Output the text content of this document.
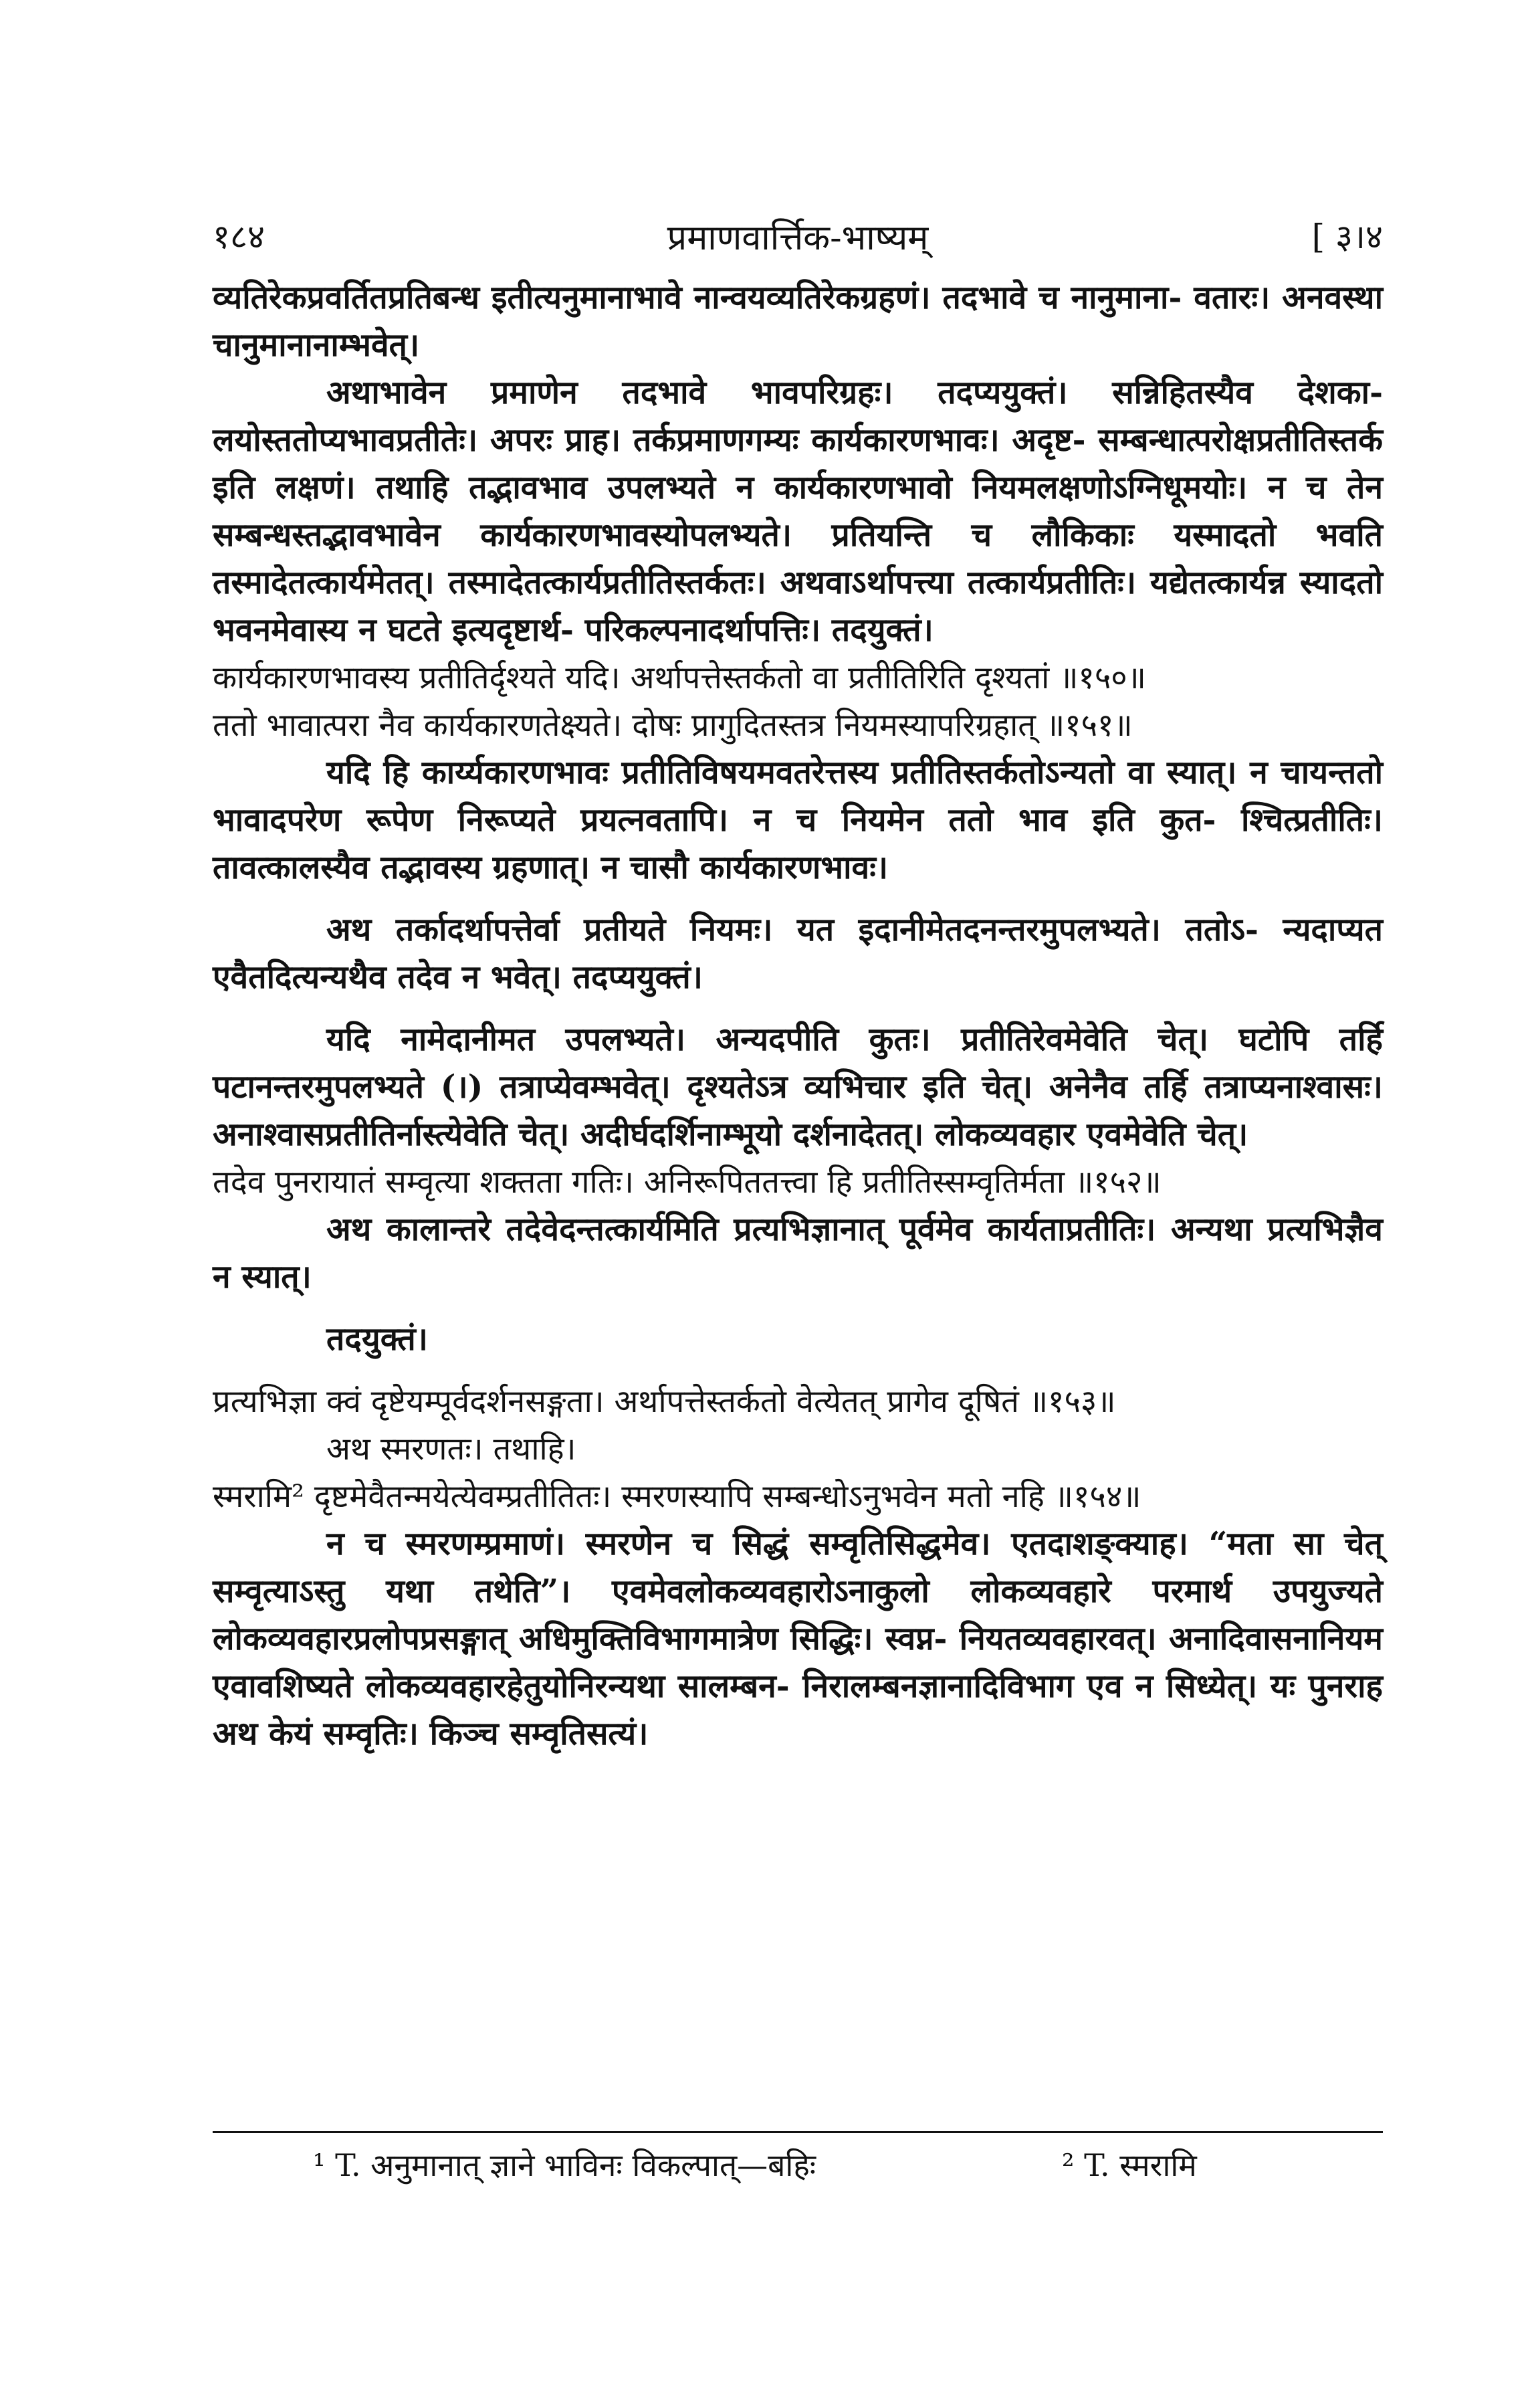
१८४	प्रमाणवार्त्तिक-भाष्यम्	[ ३।४

व्यतिरेकप्रवर्तितप्रतिबन्ध इतीत्यनुमानाभावे नान्वयव्यतिरेकग्रहणं। तदभावे च नानुमाना- वतारः। अनवस्था चानुमानानाम्भवेत्।

अथाभावेन प्रमाणेन तदभावे भावपरिग्रहः। तदप्ययुक्तं। सन्निहितस्यैव देशका- लयोस्ततोप्यभावप्रतीतेः। अपरः प्राह। तर्कप्रमाणगम्यः कार्यकारणभावः। अदृष्ट- सम्बन्धात्परोक्षप्रतीतिस्तर्क इति लक्षणं। तथाहि तद्भावभाव उपलभ्यते न कार्यकारणभावो नियमलक्षणोऽग्निधूमयोः। न च तेन सम्बन्धस्तद्भावभावेन कार्यकारणभावस्योपलभ्यते। प्रतियन्ति च लौकिकाः यस्मादतो भवति तस्मादेतत्कार्यमेतत्। तस्मादेतत्कार्यप्रतीतिस्तर्कतः। अथवाऽर्थापत्त्या तत्कार्यप्रतीतिः। यद्येतत्कार्यन्न स्यादतो भवनमेवास्य न घटते इत्यदृष्टार्थ- परिकल्पनादर्थापत्तिः। तदयुक्तं।

कार्यकारणभावस्य प्रतीतिर्दृश्यते यदि। अर्थापत्तेस्तर्कतो वा प्रतीतिरिति दृश्यतां ॥१५०॥

ततो भावात्परा नैव कार्यकारणतेक्ष्यते। दोषः प्रागुदितस्तत्र नियमस्यापरिग्रहात् ॥१५१॥

यदि हि कार्य्यकारणभावः प्रतीतिविषयमवतरेत्तस्य प्रतीतिस्तर्कतोऽन्यतो वा स्यात्। न चायन्ततो भावादपरेण रूपेण निरूप्यते प्रयत्नवतापि। न च नियमेन ततो भाव इति कुत- श्चित्प्रतीतिः। तावत्कालस्यैव तद्भावस्य ग्रहणात्। न चासौ कार्यकारणभावः।

अथ तर्कादर्थापत्तेर्वा प्रतीयते नियमः। यत इदानीमेतदनन्तरमुपलभ्यते। ततोऽ- न्यदाप्यत एवैतदित्यन्यथैव तदेव न भवेत्। तदप्ययुक्तं।

यदि नामेदानीमत उपलभ्यते। अन्यदपीति कुतः। प्रतीतिरेवमेवेति चेत्। घटोपि तर्हि पटानन्तरमुपलभ्यते (।) तत्राप्येवम्भवेत्। दृश्यतेऽत्र व्यभिचार इति चेत्। अनेनैव तर्हि तत्राप्यनाश्वासः। अनाश्वासप्रतीतिर्नास्त्येवेति चेत्। अदीर्घदर्शिनाम्भूयो दर्शनादेतत्। लोकव्यवहार एवमेवेति चेत्।

तदेव पुनरायातं सम्वृत्या शक्तता गतिः। अनिरूपिततत्त्वा हि प्रतीतिस्सम्वृतिर्मता ॥१५२॥

अथ कालान्तरे तदेवेदन्तत्कार्यमिति प्रत्यभिज्ञानात् पूर्वमेव कार्यताप्रतीतिः। अन्यथा प्रत्यभिज्ञैव न स्यात्।

तदयुक्तं।

प्रत्यभिज्ञा क्वं दृष्टेयम्पूर्वदर्शनसङ्गता। अर्थापत्तेस्तर्कतो वेत्येतत् प्रागेव दूषितं ॥१५३॥

अथ स्मरणतः। तथाहि।

स्मरामि² दृष्टमेवैतन्मयेत्येवम्प्रतीतितः। स्मरणस्यापि सम्बन्धोऽनुभवेन मतो नहि ॥१५४॥

न च स्मरणम्प्रमाणं। स्मरणेन च सिद्धं सम्वृतिसिद्धमेव। एतदाशङ्क्याह। “मता सा चेत् सम्वृत्याऽस्तु यथा तथेति”। एवमेवलोकव्यवहारोऽनाकुलो लोकव्यवहारे परमार्थ उपयुज्यते लोकव्यवहारप्रलोपप्रसङ्गात् अधिमुक्तिविभागमात्रेण सिद्धिः। स्वप्न- नियतव्यवहारवत्। अनादिवासनानियम एवावशिष्यते लोकव्यवहारहेतुयोनिरन्यथा सालम्बन- निरालम्बनज्ञानादिविभाग एव न सिध्येत्। यः पुनराह अथ केयं सम्वृतिः। किञ्च सम्वृतिसत्यं।

¹ T. अनुमानात् ज्ञाने भाविनः विकल्पात्—बहिः	² T. स्मरामि
